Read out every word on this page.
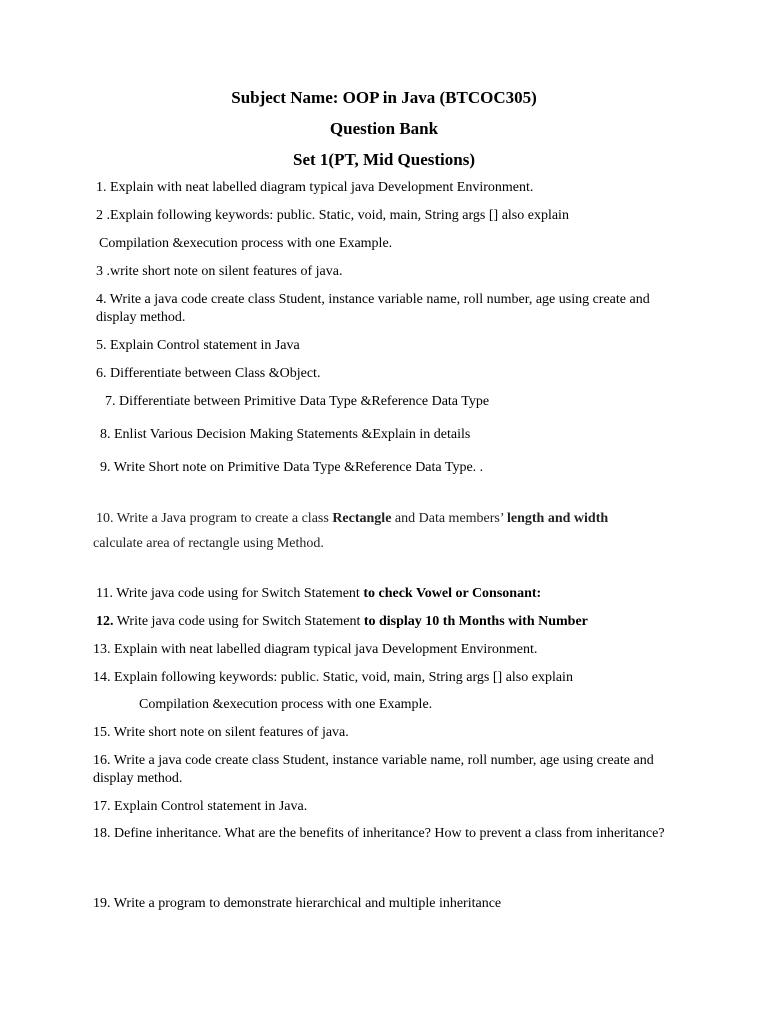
Subject Name: OOP in Java (BTCOC305)
Question Bank
Set 1(PT, Mid Questions)
1. Explain with neat labelled diagram typical java Development Environment.
2 .Explain following keywords: public. Static, void, main, String args [] also explain
Compilation &execution process with one Example.
3 .write short note on silent features of java.
4. Write a java code create class Student, instance variable name, roll number, age using create and display method.
5. Explain Control statement in Java
6. Differentiate between Class &Object.
7. Differentiate between Primitive Data Type &Reference Data Type
8. Enlist Various Decision Making Statements &Explain in details
9. Write Short note on Primitive Data Type &Reference Data Type. .
10. Write a Java program to create a class Rectangle and Data members’ length and width
calculate area of rectangle using Method.
11. Write java code using for Switch Statement to check Vowel or Consonant:
12. Write java code using for Switch Statement to display 10 th Months with Number
13. Explain with neat labelled diagram typical java Development Environment.
14. Explain following keywords: public. Static, void, main, String args [] also explain
Compilation &execution process with one Example.
15. Write short note on silent features of java.
16. Write a java code create class Student, instance variable name, roll number, age using create and display method.
17. Explain Control statement in Java.
18. Define inheritance. What are the benefits of inheritance? How to prevent a class from inheritance?
19. Write a program to demonstrate hierarchical and multiple inheritance
